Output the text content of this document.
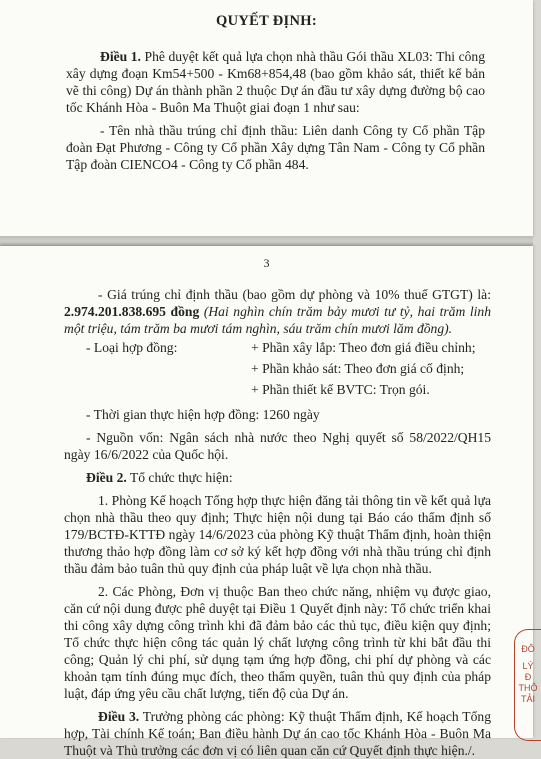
QUYẾT ĐỊNH:

Điều 1. Phê duyệt kết quả lựa chọn nhà thầu Gói thầu XL03: Thi công xây dựng đoạn Km54+500 - Km68+854,48 (bao gồm khảo sát, thiết kế bản vẽ thi công) Dự án thành phần 2 thuộc Dự án đầu tư xây dựng đường bộ cao tốc Khánh Hòa - Buôn Ma Thuột giai đoạn 1 như sau:

- Tên nhà thầu trúng chỉ định thầu: Liên danh Công ty Cổ phần Tập đoàn Đạt Phương - Công ty Cổ phần Xây dựng Tân Nam - Công ty Cổ phần Tập đoàn CIENCO4 - Công ty Cổ phần 484.

3

- Giá trúng chỉ định thầu (bao gồm dự phòng và 10% thuế GTGT) là: 2.974.201.838.695 đồng (Hai nghìn chín trăm bảy mươi tư tỷ, hai trăm linh một triệu, tám trăm ba mươi tám nghìn, sáu trăm chín mươi lăm đồng).

- Loại hợp đồng:	+ Phần xây lắp: Theo đơn giá điều chỉnh;
+ Phần khảo sát: Theo đơn giá cố định;
+ Phần thiết kế BVTC: Trọn gói.

- Thời gian thực hiện hợp đồng: 1260 ngày

- Nguồn vốn: Ngân sách nhà nước theo Nghị quyết số 58/2022/QH15 ngày 16/6/2022 của Quốc hội.

Điều 2. Tổ chức thực hiện:

1. Phòng Kế hoạch Tổng hợp thực hiện đăng tải thông tin về kết quả lựa chọn nhà thầu theo quy định; Thực hiện nội dung tại Báo cáo thẩm định số 179/BCTĐ-KTTĐ ngày 14/6/2023 của phòng Kỹ thuật Thẩm định, hoàn thiện thương thảo hợp đồng làm cơ sở ký kết hợp đồng với nhà thầu trúng chỉ định thầu đảm bảo tuân thủ quy định của pháp luật về lựa chọn nhà thầu.

2. Các Phòng, Đơn vị thuộc Ban theo chức năng, nhiệm vụ được giao, căn cứ nội dung được phê duyệt tại Điều 1 Quyết định này: Tổ chức triển khai thi công xây dựng công trình khi đã đảm bảo các thủ tục, điều kiện quy định; Tổ chức thực hiện công tác quản lý chất lượng công trình từ khi bắt đầu thi công; Quản lý chi phí, sử dụng tạm ứng hợp đồng, chi phí dự phòng và các khoản tạm tính đúng mục đích, theo thẩm quyền, tuân thủ quy định của pháp luật, đáp ứng yêu cầu chất lượng, tiến độ của Dự án.

Điều 3. Trưởng phòng các phòng: Kỹ thuật Thẩm định, Kế hoạch Tổng hợp, Tài chính Kế toán; Ban điều hành Dự án cao tốc Khánh Hòa - Buôn Ma Thuột và Thủ trưởng các đơn vị có liên quan căn cứ Quyết định thực hiện./.

ĐÔ
LÝ
Đ
THÔ
TẢI
